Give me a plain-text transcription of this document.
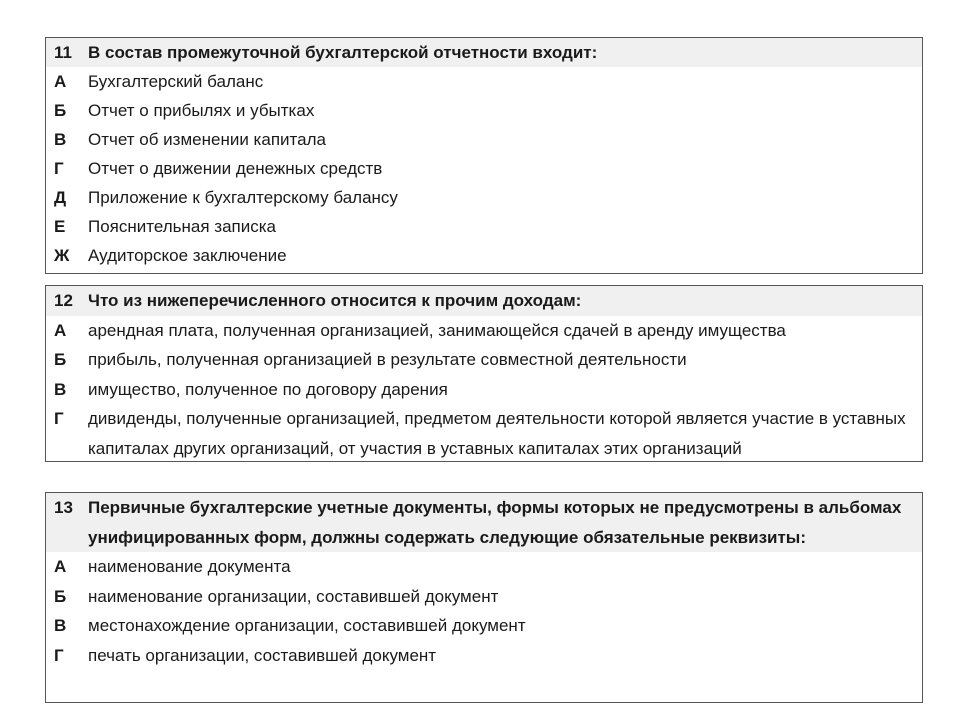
11 В состав промежуточной бухгалтерской отчетности входит:
А	Бухгалтерский баланс
Б	Отчет о прибылях и убытках
В	Отчет об изменении капитала
Г	Отчет о движении денежных средств
Д	Приложение к бухгалтерскому балансу
Е	Пояснительная записка
Ж	Аудиторское заключение
12 Что из нижеперечисленного относится к прочим доходам:
А	арендная плата, полученная организацией, занимающейся сдачей в аренду имущества
Б	прибыль, полученная организацией в результате совместной деятельности
В	имущество, полученное по договору дарения
Г	дивиденды, полученные организацией, предметом деятельности которой является участие в уставных капиталах других организаций, от участия в уставных капиталах этих организаций
13 Первичные бухгалтерские учетные документы, формы которых не предусмотрены в альбомах унифицированных форм, должны содержать следующие обязательные реквизиты:
А	наименование документа
Б	наименование организации, составившей документ
В	местонахождение организации, составившей документ
Г	печать организации, составившей документ
